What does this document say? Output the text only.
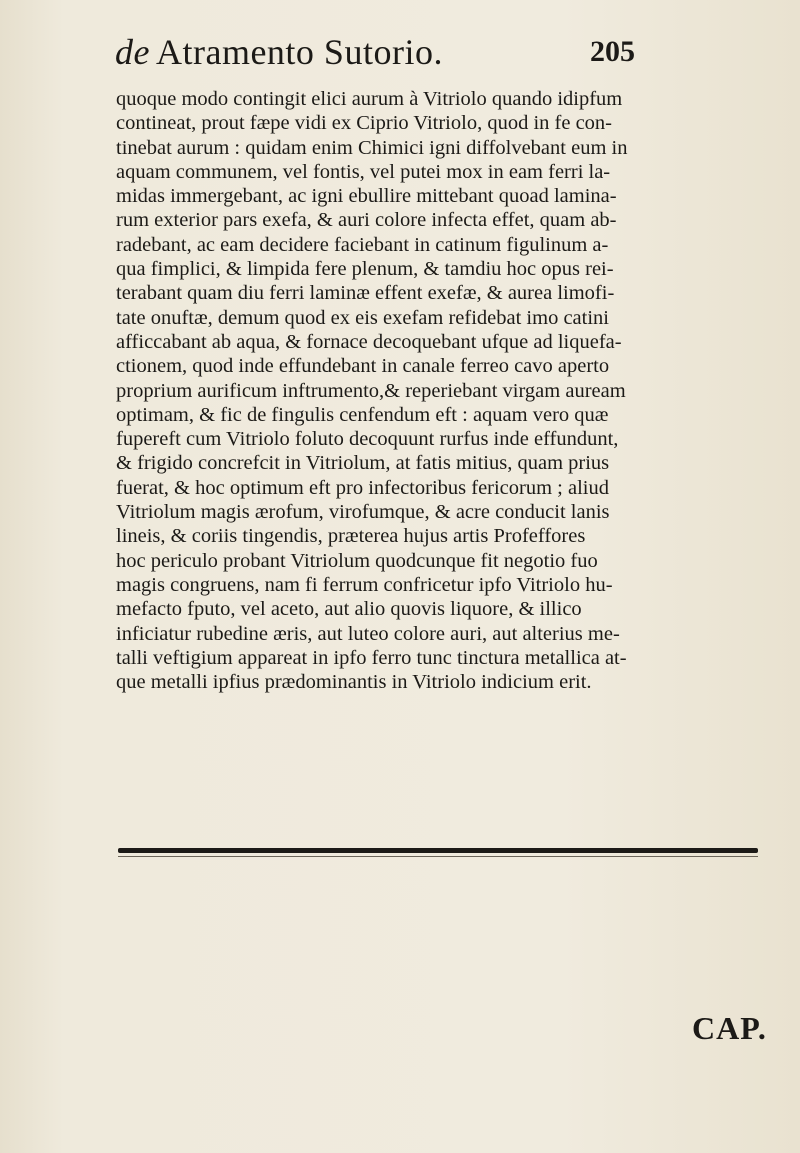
de Atramento Sutorio.	205
quoque modo contingit elici aurum à Vitriolo quando idipfum
contineat, prout fæpe vidi ex Ciprio Vitriolo, quod in fe con-
tinebat aurum : quidam enim Chimici igni diffolvebant eum in
aquam communem, vel fontis, vel putei mox in eam ferri la-
midas immergebant, ac igni ebullire mittebant quoad lamina-
rum exterior pars exefa, & auri colore infecta effet, quam ab-
radebant, ac eam decidere faciebant in catinum figulinum a-
qua fimplici, & limpida fere plenum, & tamdiu hoc opus rei-
terabant quam diu ferri laminæ effent exefæ, & aurea limofi-
tate onuftæ, demum quod ex eis exefam refidebat imo catini
afficcabant ab aqua, & fornace decoquebant ufque ad liquefa-
ctionem, quod inde effundebant in canale ferreo cavo aperto
proprium aurificum inftrumento,& reperiebant virgam auream
optimam, & fic de fingulis cenfendum eft : aquam vero quæ
fupereft cum Vitriolo foluto decoquunt rurfus inde effundunt,
& frigido concrefcit in Vitriolum, at fatis mitius, quam prius
fuerat, & hoc optimum eft pro infectoribus fericorum ; aliud
Vitriolum magis ærofum, virofumque, & acre conducit lanis
lineis, & coriis tingendis, præterea hujus artis Profeffores
hoc periculo probant Vitriolum quodcunque fit negotio fuo
magis congruens, nam fi ferrum confricetur ipfo Vitriolo hu-
mefacto fputo, vel aceto, aut alio quovis liquore, & illico
inficiatur rubedine æris, aut luteo colore auri, aut alterius me-
talli veftigium appareat in ipfo ferro tunc tinctura metallica at-
que metalli ipfius prædominantis in Vitriolo indicium erit.
CAP.
